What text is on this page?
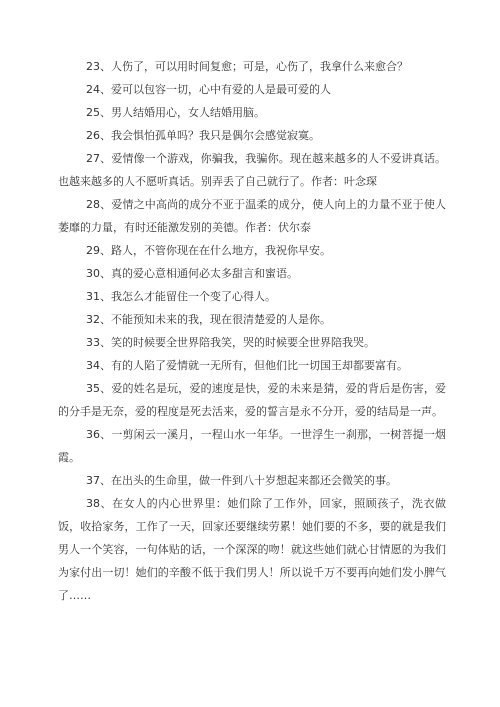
23、人伤了，可以用时间复愈；可是，心伤了，我拿什么来愈合？

24、爱可以包容一切，心中有爱的人是最可爱的人

25、男人结婚用心，女人结婚用脑。

26、我会惧怕孤单吗？我只是偶尔会感觉寂寞。

27、爱情像一个游戏，你骗我，我骗你。现在越来越多的人不爱讲真话。也越来越多的人不愿听真话。别弄丢了自己就行了。作者：叶念琛

28、爱情之中高尚的成分不亚于温柔的成分，使人向上的力量不亚于使人萎靡的力量，有时还能激发别的美德。作者：伏尔泰

29、路人，不管你现在在什么地方，我祝你早安。

30、真的爱心意相通何必太多甜言和蜜语。

31、我怎么才能留住一个变了心得人。

32、不能预知未来的我，现在很清楚爱的人是你。

33、笑的时候要全世界陪我笑，哭的时候要全世界陪我哭。

34、有的人陷了爱情就一无所有，但他们比一切国王却都要富有。

35、爱的姓名是玩，爱的速度是快，爱的未来是猜，爱的背后是伤害，爱的分手是无奈，爱的程度是死去活来，爱的誓言是永不分开，爱的结局是一声。

36、一剪闲云一溪月，一程山水一年华。一世浮生一刹那，一树菩提一烟霞。

37、在出头的生命里，做一件到八十岁想起来都还会微笑的事。

38、在女人的内心世界里：她们除了工作外，回家，照顾孩子，洗衣做饭，收拾家务，工作了一天，回家还要继续劳累！她们要的不多，要的就是我们男人一个笑容，一句体贴的话，一个深深的吻！就这些她们就心甘情愿的为我们为家付出一切！她们的辛酸不低于我们男人！所以说千万不要再向她们发小脾气了……
